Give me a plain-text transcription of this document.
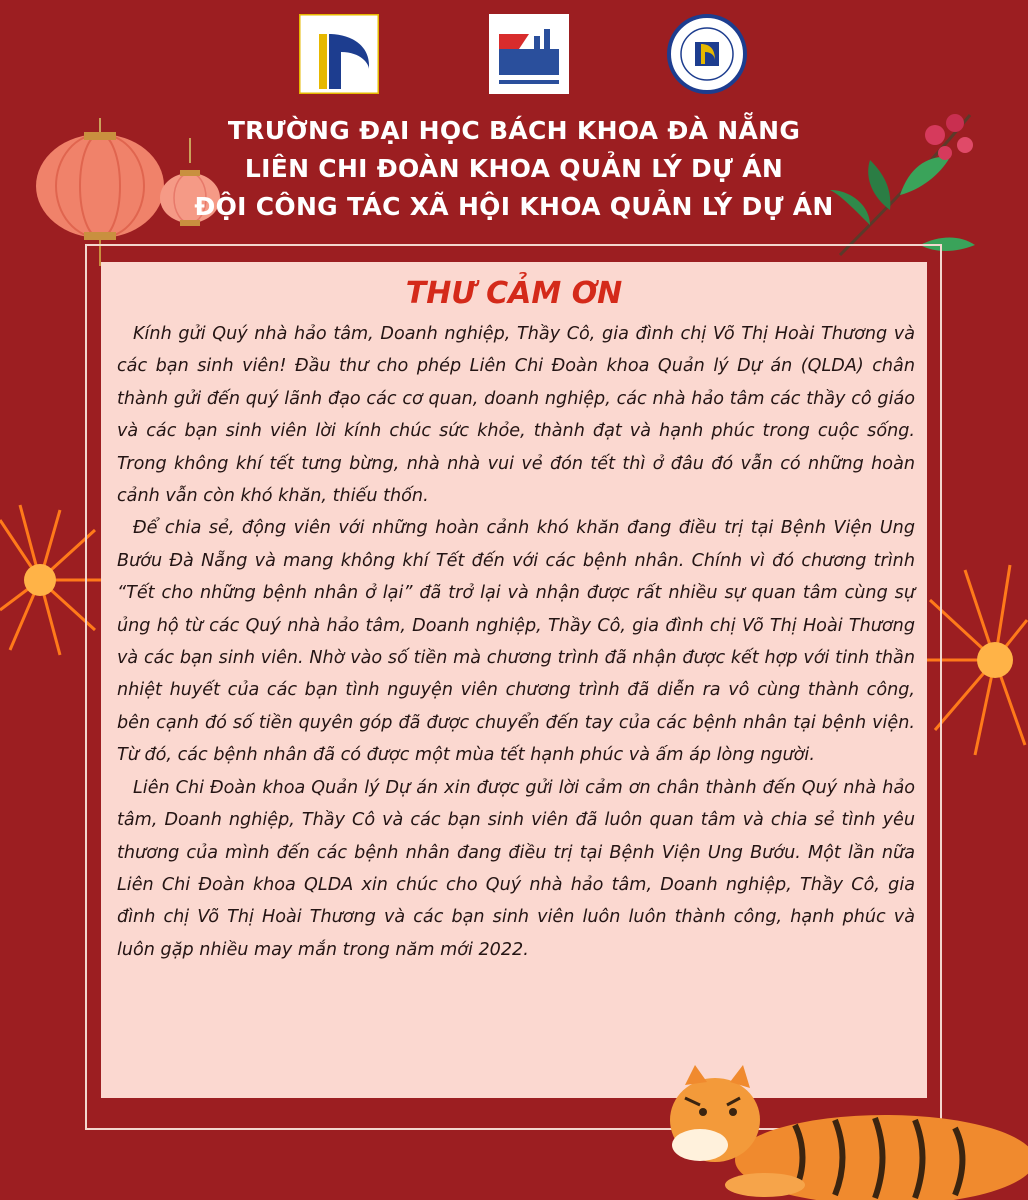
TRƯỜNG ĐẠI HỌC BÁCH KHOA ĐÀ NẴNG
LIÊN CHI ĐOÀN KHOA QUẢN LÝ DỰ ÁN
ĐỘI CÔNG TÁC XÃ HỘI KHOA QUẢN LÝ DỰ ÁN
THƯ CẢM ƠN

Kính gửi Quý nhà hảo tâm, Doanh nghiệp, Thầy Cô, gia đình chị Võ Thị Hoài Thương và các bạn sinh viên! Đầu thư cho phép Liên Chi Đoàn khoa Quản lý Dự án (QLDA) chân thành gửi đến quý lãnh đạo các cơ quan, doanh nghiệp, các nhà hảo tâm các thầy cô giáo và các bạn sinh viên lời kính chúc sức khỏe, thành đạt và hạnh phúc trong cuộc sống. Trong không khí tết tưng bừng, nhà nhà vui vẻ đón tết thì ở đâu đó vẫn có những hoàn cảnh vẫn còn khó khăn, thiếu thốn.

Để chia sẻ, động viên với những hoàn cảnh khó khăn đang điều trị tại Bệnh Viện Ung Bướu Đà Nẵng và mang không khí Tết đến với các bệnh nhân. Chính vì đó chương trình “Tết cho những bệnh nhân ở lại” đã trở lại và nhận được rất nhiều sự quan tâm cùng sự ủng hộ từ các Quý nhà hảo tâm, Doanh nghiệp, Thầy Cô, gia đình chị Võ Thị Hoài Thương và các bạn sinh viên. Nhờ vào số tiền mà chương trình đã nhận được kết hợp với tinh thần nhiệt huyết của các bạn tình nguyện viên chương trình đã diễn ra vô cùng thành công, bên cạnh đó số tiền quyên góp đã được chuyển đến tay của các bệnh nhân tại bệnh viện. Từ đó, các bệnh nhân đã có được một mùa tết hạnh phúc và ấm áp lòng người.

Liên Chi Đoàn khoa Quản lý Dự án xin được gửi lời cảm ơn chân thành đến Quý nhà hảo tâm, Doanh nghiệp, Thầy Cô và các bạn sinh viên đã luôn quan tâm và chia sẻ tình yêu thương của mình đến các bệnh nhân đang điều trị tại Bệnh Viện Ung Bướu. Một lần nữa Liên Chi Đoàn khoa QLDA xin chúc cho Quý nhà hảo tâm, Doanh nghiệp, Thầy Cô, gia đình chị Võ Thị Hoài Thương và các bạn sinh viên luôn luôn thành công, hạnh phúc và luôn gặp nhiều may mắn trong năm mới 2022.
